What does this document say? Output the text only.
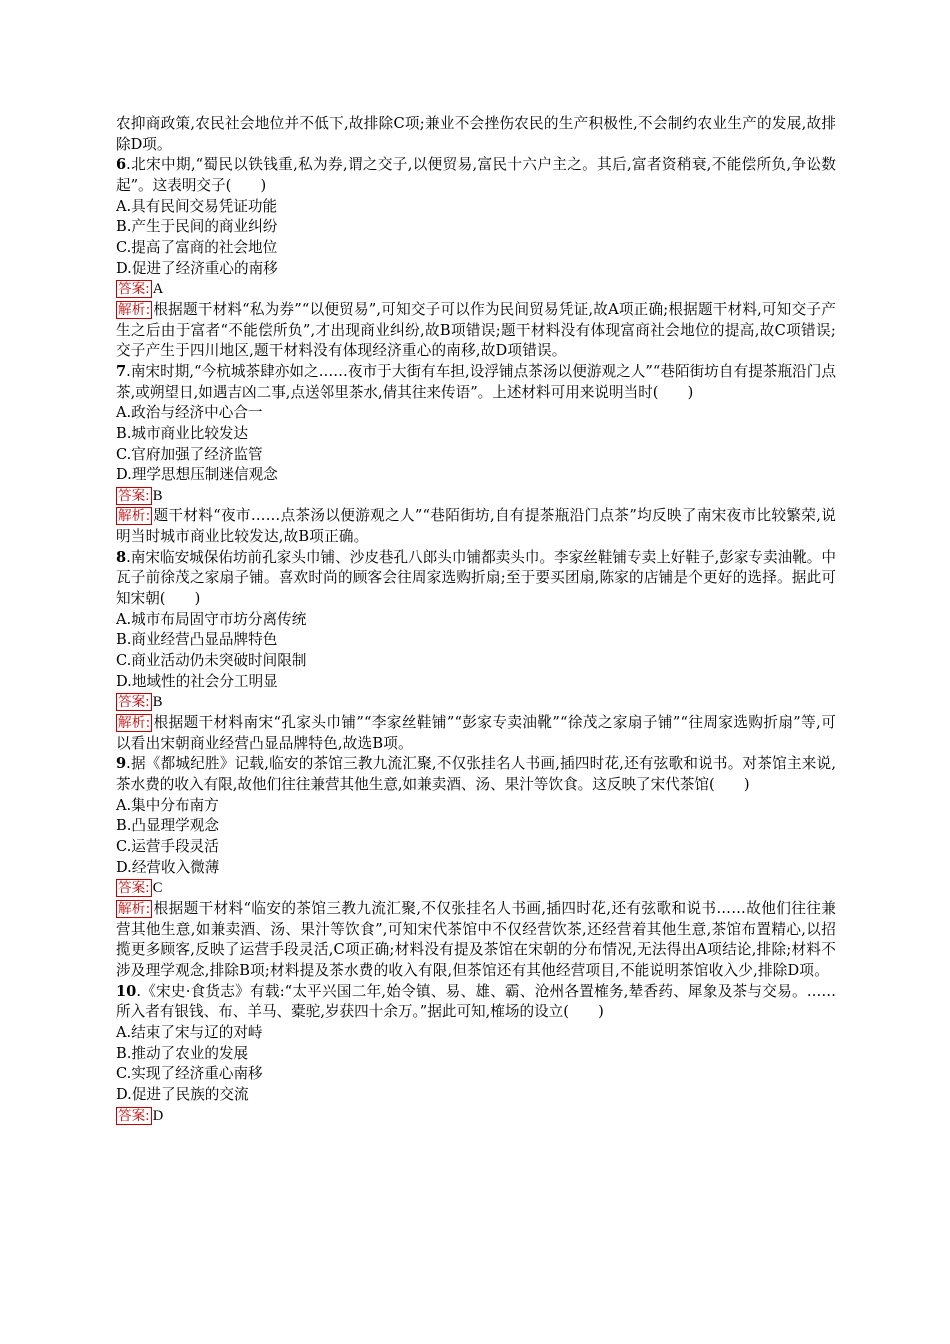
农抑商政策,农民社会地位并不低下,故排除C项;兼业不会挫伤农民的生产积极性,不会制约农业生产的发展,故排除D项。

6.北宋中期,“蜀民以铁钱重,私为券,谓之交子,以便贸易,富民十六户主之。其后,富者资稍衰,不能偿所负,争讼数起”。这表明交子(　　)

A.具有民间交易凭证功能

B.产生于民间的商业纠纷

C.提高了富商的社会地位

D.促进了经济重心的南移

答案: A

解析: 根据题干材料“私为券”“以便贸易”,可知交子可以作为民间贸易凭证,故A项正确;根据题干材料,可知交子产生之后由于富者“不能偿所负”,才出现商业纠纷,故B项错误;题干材料没有体现富商社会地位的提高,故C项错误;交子产生于四川地区,题干材料没有体现经济重心的南移,故D项错误。

7.南宋时期,“今杭城茶肆亦如之……夜市于大街有车担,设浮铺点茶汤以便游观之人”“巷陌街坊自有提茶瓶沿门点茶,或朔望日,如遇吉凶二事,点送邻里茶水,倩其往来传语”。上述材料可用来说明当时(　　)

A.政治与经济中心合一

B.城市商业比较发达

C.官府加强了经济监管

D.理学思想压制迷信观念

答案: B

解析: 题干材料“夜市……点茶汤以便游观之人”“巷陌街坊,自有提茶瓶沿门点茶”均反映了南宋夜市比较繁荣,说明当时城市商业比较发达,故B项正确。

8.南宋临安城保佑坊前孔家头巾铺、沙皮巷孔八郎头巾铺都卖头巾。李家丝鞋铺专卖上好鞋子,彭家专卖油靴。中瓦子前徐茂之家扇子铺。喜欢时尚的顾客会往周家选购折扇;至于要买团扇,陈家的店铺是个更好的选择。据此可知宋朝(　　)

A.城市布局固守市坊分离传统

B.商业经营凸显品牌特色

C.商业活动仍未突破时间限制

D.地域性的社会分工明显

答案: B

解析: 根据题干材料南宋“孔家头巾铺”“李家丝鞋铺”“彭家专卖油靴”“徐茂之家扇子铺”“往周家选购折扇”等,可以看出宋朝商业经营凸显品牌特色,故选B项。

9.据《都城纪胜》记载,临安的茶馆三教九流汇聚,不仅张挂名人书画,插四时花,还有弦歌和说书。对茶馆主来说,茶水费的收入有限,故他们往往兼营其他生意,如兼卖酒、汤、果汁等饮食。这反映了宋代茶馆(　　)

A.集中分布南方

B.凸显理学观念

C.运营手段灵活

D.经营收入微薄

答案: C

解析: 根据题干材料“临安的茶馆三教九流汇聚,不仅张挂名人书画,插四时花,还有弦歌和说书……故他们往往兼营其他生意,如兼卖酒、汤、果汁等饮食”,可知宋代茶馆中不仅经营饮茶,还经营着其他生意,茶馆布置精心,以招揽更多顾客,反映了运营手段灵活,C项正确;材料没有提及茶馆在宋朝的分布情况,无法得出A项结论,排除;材料不涉及理学观念,排除B项;材料提及茶水费的收入有限,但茶馆还有其他经营项目,不能说明茶馆收入少,排除D项。

10.《宋史·食货志》有载:“太平兴国二年,始令镇、易、雄、霸、沧州各置榷务,辇香药、犀象及茶与交易。……所入者有银钱、布、羊马、橐驼,岁获四十余万。”据此可知,榷场的设立(　　)

A.结束了宋与辽的对峙

B.推动了农业的发展

C.实现了经济重心南移

D.促进了民族的交流

答案: D
